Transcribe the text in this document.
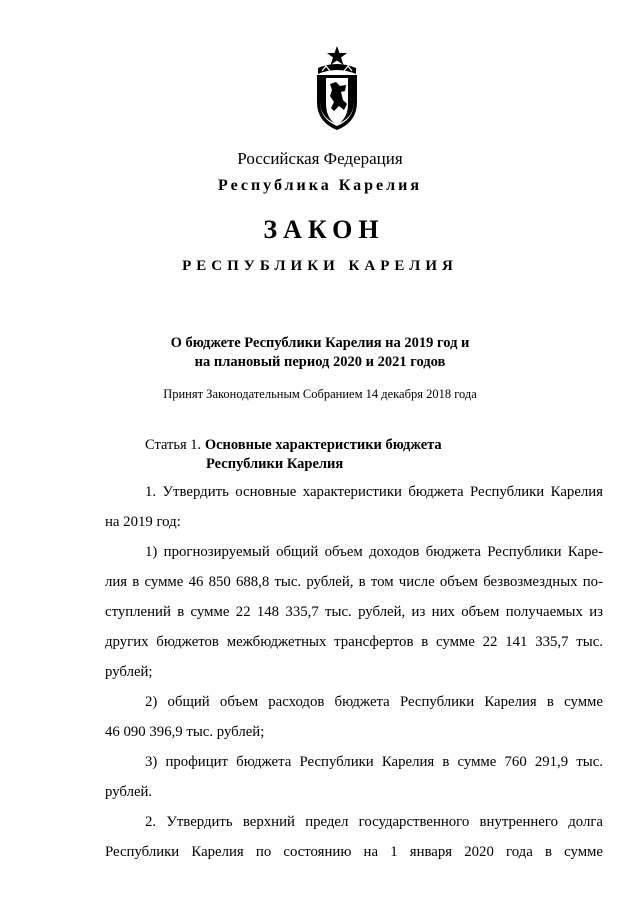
Российская Федерация
Республика Карелия
ЗАКОН
РЕСПУБЛИКИ КАРЕЛИЯ
О бюджете Республики Карелия на 2019 год и
на плановый период 2020 и 2021 годов
Принят Законодательным Собранием 14 декабря 2018 года
Статья 1. Основные характеристики бюджета
Республики Карелия
1. Утвердить основные характеристики бюджета Республики Карелия
на 2019 год:
1) прогнозируемый общий объем доходов бюджета Республики Каре-
лия в сумме 46 850 688,8 тыс. рублей, в том числе объем безвозмездных по-
ступлений в сумме 22 148 335,7 тыс. рублей, из них объем получаемых из
других бюджетов межбюджетных трансфертов в сумме 22 141 335,7 тыс.
рублей;
2) общий объем расходов бюджета Республики Карелия в сумме
46 090 396,9 тыс. рублей;
3) профицит бюджета Республики Карелия в сумме 760 291,9 тыс.
рублей.
2. Утвердить верхний предел государственного внутреннего долга
Республики Карелия по состоянию на 1 января 2020 года в сумме
